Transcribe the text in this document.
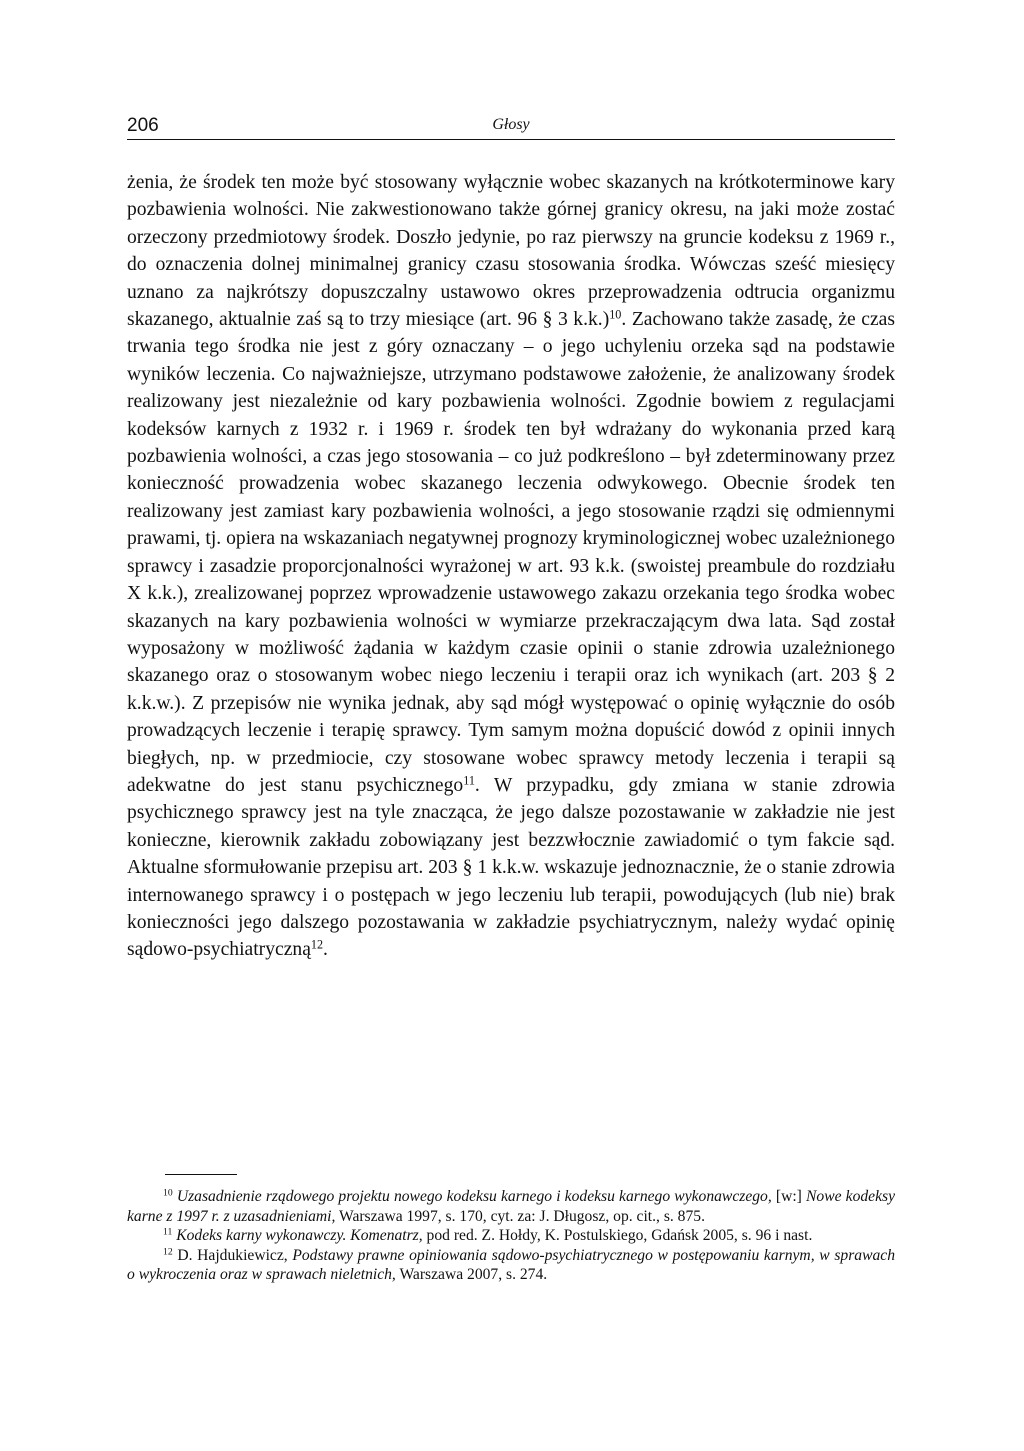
206	Głosy
żenia, że środek ten może być stosowany wyłącznie wobec skazanych na krótkoterminowe kary pozbawienia wolności. Nie zakwestionowano także górnej granicy okresu, na jaki może zostać orzeczony przedmiotowy środek. Doszło jedynie, po raz pierwszy na gruncie kodeksu z 1969 r., do oznaczenia dolnej minimalnej granicy czasu stosowania środka. Wówczas sześć miesięcy uznano za najkrótszy dopuszczalny ustawowo okres przeprowadzenia odtrucia organizmu skazanego, aktualnie zaś są to trzy miesiące (art. 96 § 3 k.k.)$^{10}$. Zachowano także zasadę, że czas trwania tego środka nie jest z góry oznaczany – o jego uchyleniu orzeka sąd na podstawie wyników leczenia. Co najważniejsze, utrzymano podstawowe założenie, że analizowany środek realizowany jest niezależnie od kary pozbawienia wolności. Zgodnie bowiem z regulacjami kodeksów karnych z 1932 r. i 1969 r. środek ten był wdrażany do wykonania przed karą pozbawienia wolności, a czas jego stosowania – co już podkreślono – był zdeterminowany przez konieczność prowadzenia wobec skazanego leczenia odwykowego. Obecnie środek ten realizowany jest zamiast kary pozbawienia wolności, a jego stosowanie rządzi się odmiennymi prawami, tj. opiera na wskazaniach negatywnej prognozy kryminologicznej wobec uzależnionego sprawcy i zasadzie proporcjonalności wyrażonej w art. 93 k.k. (swoistej preambule do rozdziału X k.k.), zrealizowanej poprzez wprowadzenie ustawowego zakazu orzekania tego środka wobec skazanych na kary pozbawienia wolności w wymiarze przekraczającym dwa lata. Sąd został wyposażony w możliwość żądania w każdym czasie opinii o stanie zdrowia uzależnionego skazanego oraz o stosowanym wobec niego leczeniu i terapii oraz ich wynikach (art. 203 § 2 k.k.w.). Z przepisów nie wynika jednak, aby sąd mógł występować o opinię wyłącznie do osób prowadzących leczenie i terapię sprawcy. Tym samym można dopuścić dowód z opinii innych biegłych, np. w przedmiocie, czy stosowane wobec sprawcy metody leczenia i terapii są adekwatne do jest stanu psychicznego$^{11}$. W przypadku, gdy zmiana w stanie zdrowia psychicznego sprawcy jest na tyle znacząca, że jego dalsze pozostawanie w zakładzie nie jest konieczne, kierownik zakładu zobowiązany jest bezzwłocznie zawiadomić o tym fakcie sąd. Aktualne sformułowanie przepisu art. 203 § 1 k.k.w. wskazuje jednoznacznie, że o stanie zdrowia internowanego sprawcy i o postępach w jego leczeniu lub terapii, powodujących (lub nie) brak konieczności jego dalszego pozostawania w zakładzie psychiatrycznym, należy wydać opinię sądowo-psychiatryczną$^{12}$.

$^{10}$ Uzasadnienie rządowego projektu nowego kodeksu karnego i kodeksu karnego wykonawczego, [w:] Nowe kodeksy karne z 1997 r. z uzasadnieniami, Warszawa 1997, s. 170, cyt. za: J. Długosz, op. cit., s. 875.

$^{11}$ Kodeks karny wykonawczy. Komenatrz, pod red. Z. Hołdy, K. Postulskiego, Gdańsk 2005, s. 96 i nast.

$^{12}$ D. Hajdukiewicz, Podstawy prawne opiniowania sądowo-psychiatrycznego w postępowaniu karnym, w sprawach o wykroczenia oraz w sprawach nieletnich, Warszawa 2007, s. 274.
